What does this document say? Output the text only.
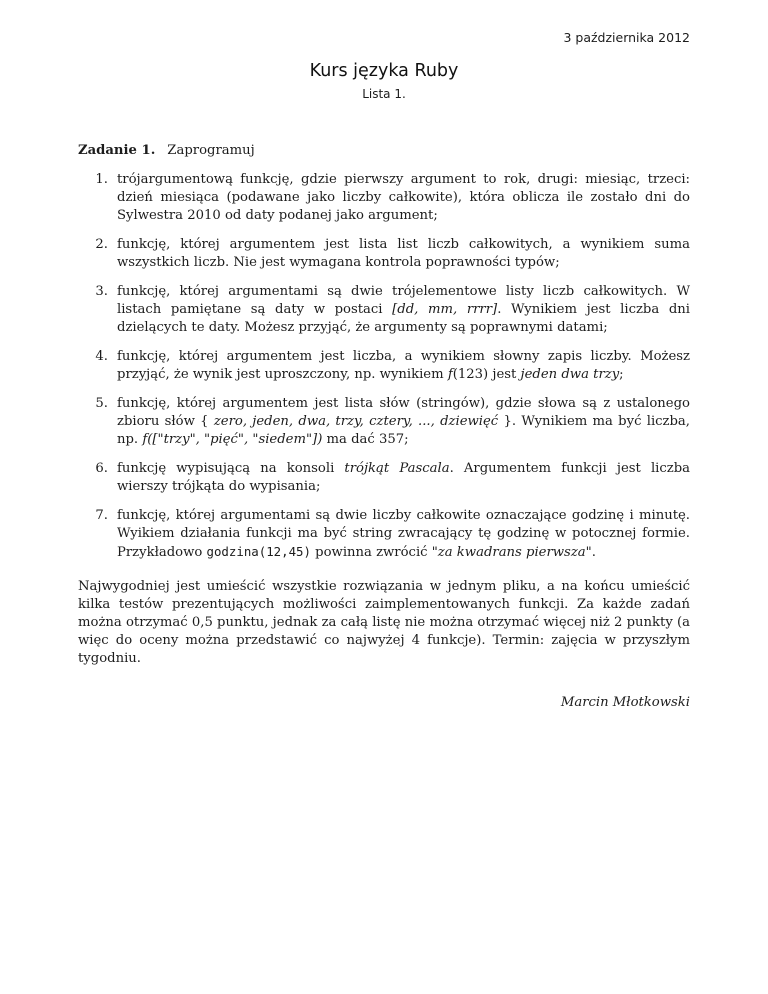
3 października 2012
Kurs języka Ruby
Lista 1.
Zadanie 1. Zaprogramuj
1. trójargumentową funkcję, gdzie pierwszy argument to rok, drugi: miesiąc, trzeci: dzień miesiąca (podawane jako liczby całkowite), która oblicza ile zostało dni do Sylwestra 2010 od daty podanej jako argument;
2. funkcję, której argumentem jest lista list liczb całkowitych, a wynikiem suma wszystkich liczb. Nie jest wymagana kontrola poprawności typów;
3. funkcję, której argumentami są dwie trójelementowe listy liczb całkowitych. W listach pamiętane są daty w postaci [dd, mm, rrrr]. Wynikiem jest liczba dni dzielących te daty. Możesz przyjąć, że argumenty są poprawnymi datami;
4. funkcję, której argumentem jest liczba, a wynikiem słowny zapis liczby. Możesz przyjąć, że wynik jest uproszczony, np. wynikiem f(123) jest jeden dwa trzy;
5. funkcję, której argumentem jest lista słów (stringów), gdzie słowa są z ustalonego zbioru słów { zero, jeden, dwa, trzy, cztery, ..., dziewięć }. Wynikiem ma być liczba, np. f(["trzy", "pięć", "siedem"]) ma dać 357;
6. funkcję wypisującą na konsoli trójkąt Pascala. Argumentem funkcji jest liczba wierszy trójkąta do wypisania;
7. funkcję, której argumentami są dwie liczby całkowite oznaczające godzinę i minutę. Wyikiem działania funkcji ma być string zwracający tę godzinę w potocznej formie. Przykładowo godzina(12,45) powinna zwrócić "za kwadrans pierwsza".

Najwygodniej jest umieścić wszystkie rozwiązania w jednym pliku, a na końcu umieścić kilka testów prezentujących możliwości zaimplementowanych funkcji. Za każde zadań można otrzymać 0,5 punktu, jednak za całą listę nie można otrzymać więcej niż 2 punkty (a więc do oceny można przedstawić co najwyżej 4 funkcje). Termin: zajęcia w przyszłym tygodniu.

Marcin Młotkowski
